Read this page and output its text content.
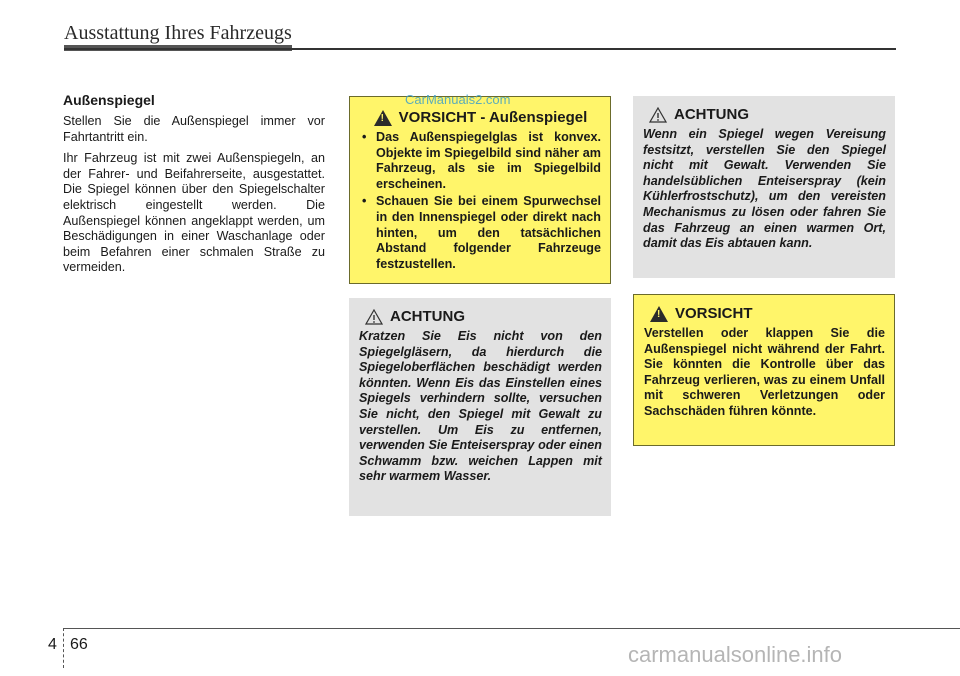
Ausstattung Ihres Fahrzeugs
Außenspiegel

Stellen Sie die Außenspiegel immer vor Fahrtantritt ein.

Ihr Fahrzeug ist mit zwei Außenspiegeln, an der Fahrer- und Beifahrerseite, ausgestattet. Die Spiegel können über den Spiegelschalter elektrisch eingestellt werden. Die Außenspiegel können angeklappt werden, um Beschädigungen in einer Waschanlage oder beim Befahren einer schmalen Straße zu vermeiden.

!
VORSICHT - Außenspiegel
• Das Außenspiegelglas ist konvex. Objekte im Spiegelbild sind näher am Fahrzeug, als sie im Spiegelbild erscheinen.
• Schauen Sie bei einem Spurwechsel in den Innenspiegel oder direkt nach hinten, um den tatsächlichen Abstand folgender Fahrzeuge festzustellen.
CarManuals2.com
ACHTUNG
Kratzen Sie Eis nicht von den Spiegelgläsern, da hierdurch die Spiegeloberflächen beschädigt werden könnten. Wenn Eis das Einstellen eines Spiegels verhindern sollte, versuchen Sie nicht, den Spiegel mit Gewalt zu verstellen. Um Eis zu entfernen, verwenden Sie Enteiserspray oder einen Schwamm bzw. weichen Lappen mit sehr warmem Wasser.
ACHTUNG
Wenn ein Spiegel wegen Vereisung festsitzt, verstellen Sie den Spiegel nicht mit Gewalt. Verwenden Sie handelsüblichen Enteiserspray (kein Kühlerfrostschutz), um den vereisten Mechanismus zu lösen oder fahren Sie das Fahrzeug an einen warmen Ort, damit das Eis abtauen kann.
!
VORSICHT
Verstellen oder klappen Sie die Außenspiegel nicht während der Fahrt. Sie könnten die Kontrolle über das Fahrzeug verlieren, was zu einem Unfall mit schweren Verletzungen oder Sachschäden führen könnte.
4 66	carmanualsonline.info
